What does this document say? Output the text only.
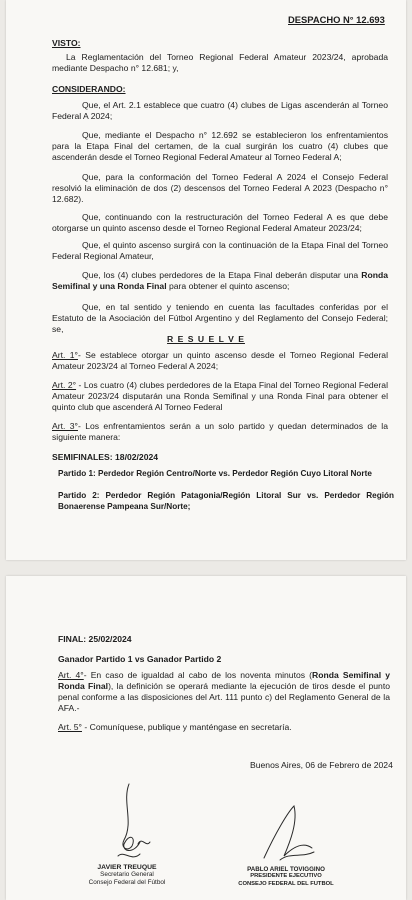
DESPACHO N° 12.693
VISTO:
La Reglamentación del Torneo Regional Federal Amateur 2023/24, aprobada mediante Despacho n° 12.681; y,
CONSIDERANDO:
Que, el Art. 2.1 establece que cuatro (4) clubes de Ligas ascenderán al Torneo Federal A 2024;
Que, mediante el Despacho n° 12.692 se establecieron los enfrentamientos para la Etapa Final del certamen, de la cual surgirán los cuatro (4) clubes que ascenderán desde el Torneo Regional Federal Amateur al Torneo Federal A;
Que, para la conformación del Torneo Federal A 2024 el Consejo Federal resolvió la eliminación de dos (2) descensos del Torneo Federal A 2023 (Despacho n° 12.682).
Que, continuando con la restructuración del Torneo Federal A es que debe otorgarse un quinto ascenso desde el Torneo Regional Federal Amateur 2023/24;
Que, el quinto ascenso surgirá con la continuación de la Etapa Final del Torneo Federal Regional Amateur,
Que, los (4) clubes perdedores de la Etapa Final deberán disputar una Ronda Semifinal y una Ronda Final para obtener el quinto ascenso;
Que, en tal sentido y teniendo en cuenta las facultades conferidas por el Estatuto de la Asociación del Fútbol Argentino y del Reglamento del Consejo Federal; se,
R E S U E L V E
Art. 1°- Se establece otorgar un quinto ascenso desde el Torneo Regional Federal Amateur 2023/24 al Torneo Federal A 2024;
Art. 2° - Los cuatro (4) clubes perdedores de la Etapa Final del Torneo Regional Federal Amateur 2023/24 disputarán una Ronda Semifinal y una Ronda Final para obtener el quinto club que ascenderá Al Torneo Federal
Art. 3°- Los enfrentamientos serán a un solo partido y quedan determinados de la siguiente manera:
SEMIFINALES: 18/02/2024
Partido 1: Perdedor Región Centro/Norte vs. Perdedor Región Cuyo Litoral Norte
Partido 2: Perdedor Región Patagonia/Región Litoral Sur vs. Perdedor Región Bonaerense Pampeana Sur/Norte;
FINAL: 25/02/2024
Ganador Partido 1 vs Ganador Partido 2
Art. 4°- En caso de igualdad al cabo de los noventa minutos (Ronda Semifinal y Ronda Final), la definición se operará mediante la ejecución de tiros desde el punto penal conforme a las disposiciones del Art. 111 punto c) del Reglamento General de la AFA.-
Art. 5° - Comuníquese, publique y manténgase en secretaría.
Buenos Aires, 06 de Febrero de 2024
JAVIER TREUQUE
Secretario General
Consejo Federal del Fútbol
PABLO ARIEL TOVIGGINO
PRESIDENTE EJECUTIVO
CONSEJO FEDERAL DEL FUTBOL
